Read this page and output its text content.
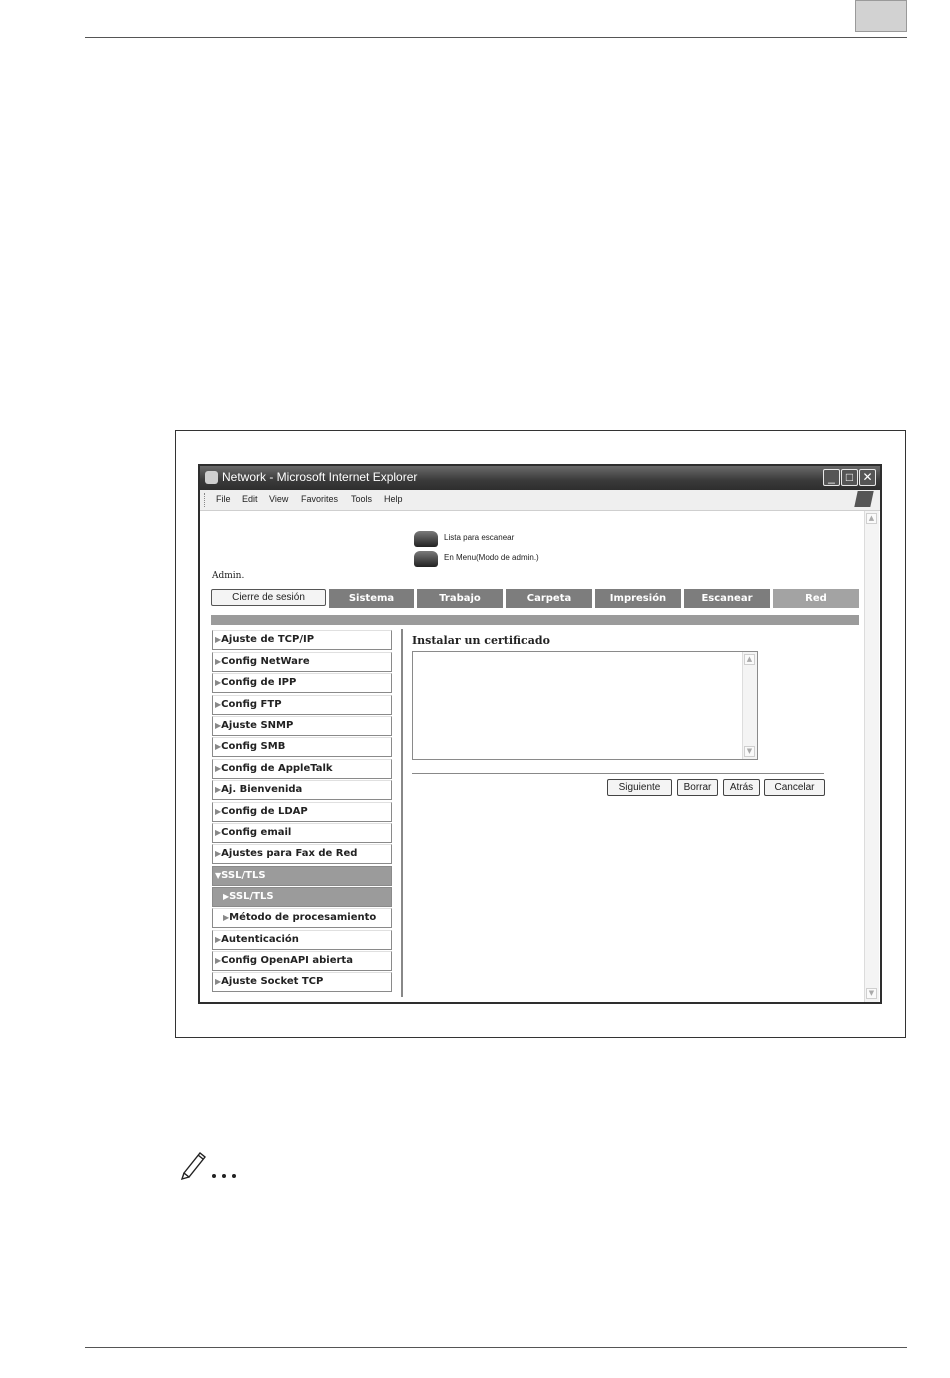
Network - Microsoft Internet Explorer	_ □ ✕
File Edit View Favorites Tools Help
▲
▼
Lista para escanear
En Menu(Modo de admin.)
Admin.
Cierre de sesión	Sistema	Trabajo	Carpeta	Impresión	Escanear	Red
▶Ajuste de TCP/IP
▶Config NetWare
▶Config de IPP
▶Config FTP
▶Ajuste SNMP
▶Config SMB
▶Config de AppleTalk
▶Aj. Bienvenida
▶Config de LDAP
▶Config email
▶Ajustes para Fax de Red
▼SSL/TLS
▶SSL/TLS
▶Método de procesamiento
▶Autenticación
▶Config OpenAPI abierta
▶Ajuste Socket TCP
Instalar un certificado
▲
▼
Siguiente	Borrar	Atrás	Cancelar
